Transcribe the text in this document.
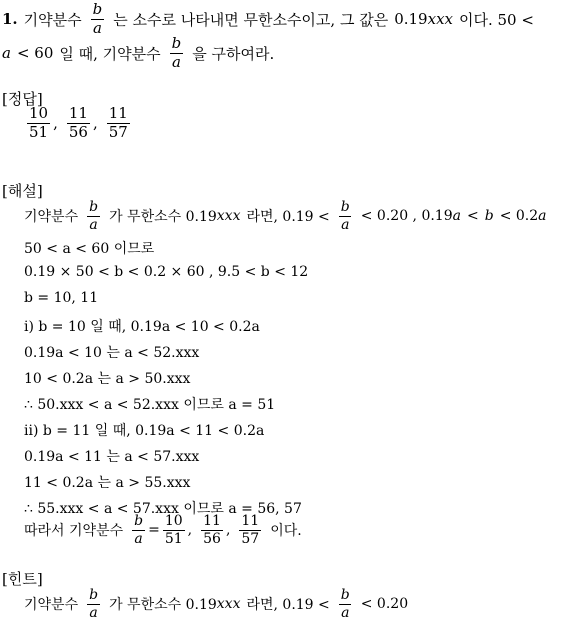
1. 기약분수 $\frac{b}{a}$ 는 소수로 나타내면 무한소수이고, 그 값은 0.19 xxx 이다. 50 <
a < 60 일 때, 기약분수 $\frac{b}{a}$ 을 구하여라.
[정답]
$\frac{10}{51}$ , $\frac{11}{56}$ , $\frac{11}{57}$
[해설]
기약분수 $\frac{b}{a}$ 가 무한소수 0.19 xxx 라면, $0.19 < \frac{b}{a} < 0.20$ , 0.19 a < b < 0.2 a
50 < a < 60 이므로
0.19 × 50 < b < 0.2 × 60 , 9.5 < b < 12
b = 10, 11
i) b = 10 일 때, 0.19a < 10 < 0.2a
0.19a < 10 는 a < 52.xxx
10 < 0.2a 는 a > 50.xxx
∴ 50.xxx < a < 52.xxx 이므로 a = 51
ii) b = 11 일 때, 0.19a < 11 < 0.2a
0.19a < 11 는 a < 57.xxx
11 < 0.2a 는 a > 55.xxx
∴ 55.xxx < a < 57.xxx 이므로 a = 56, 57
따라서 기약분수 $\frac{b}{a} = \frac{10}{51}$ , $\frac{11}{56}$ , $\frac{11}{57}$ 이다.
[힌트]
기약분수 $\frac{b}{a}$ 가 무한소수 0.19 xxx 라면, $0.19 < \frac{b}{a} < 0.20$
